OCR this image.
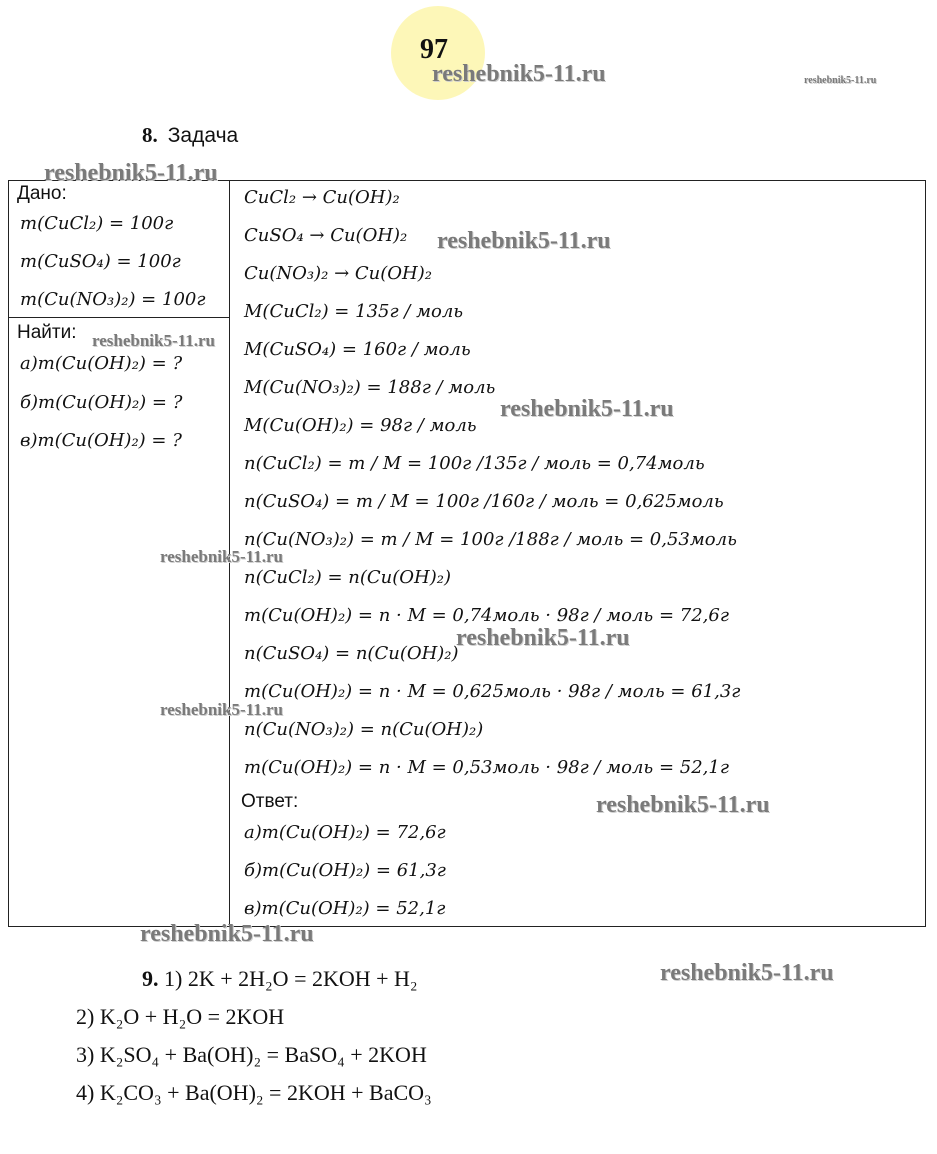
97
8. Задача
Дано:
m(CuCl₂) = 100г
m(CuSO₄) = 100г
m(Cu(NO₃)₂) = 100г
Найти:
а)m(Cu(OH)₂) = ?
б)m(Cu(OH)₂) = ?
в)m(Cu(OH)₂) = ?
CuCl₂ → Cu(OH)₂
CuSO₄ → Cu(OH)₂
Cu(NO₃)₂ → Cu(OH)₂
M(CuCl₂) = 135г / моль
M(CuSO₄) = 160г / моль
M(Cu(NO₃)₂) = 188г / моль
M(Cu(OH)₂) = 98г / моль
n(CuCl₂) = m / M = 100г /135г / моль = 0,74моль
n(CuSO₄) = m / M = 100г /160г / моль = 0,625моль
n(Cu(NO₃)₂) = m / M = 100г /188г / моль = 0,53моль
n(CuCl₂) = n(Cu(OH)₂)
m(Cu(OH)₂) = n · M = 0,74моль · 98г / моль = 72,6г
n(CuSO₄) = n(Cu(OH)₂)
m(Cu(OH)₂) = n · M = 0,625моль · 98г / моль = 61,3г
n(Cu(NO₃)₂) = n(Cu(OH)₂)
m(Cu(OH)₂) = n · M = 0,53моль · 98г / моль = 52,1г
Ответ:
а)m(Cu(OH)₂) = 72,6г
б)m(Cu(OH)₂) = 61,3г
в)m(Cu(OH)₂) = 52,1г
9. 1) 2K + 2H₂O = 2KOH + H₂
2) K₂O + H₂O = 2KOH
3) K₂SO₄ + Ba(OH)₂ = BaSO₄ + 2KOH
4) K₂CO₃ + Ba(OH)₂ = 2KOH + BaCO₃
reshebnik5-11.ru	reshebnik5-11.ru
reshebnik5-11.ru
reshebnik5-11.ru
reshebnik5-11.ru
reshebnik5-11.ru
reshebnik5-11.ru
reshebnik5-11.ru
reshebnik5-11.ru
reshebnik5-11.ru
reshebnik5-11.ru
reshebnik5-11.ru
